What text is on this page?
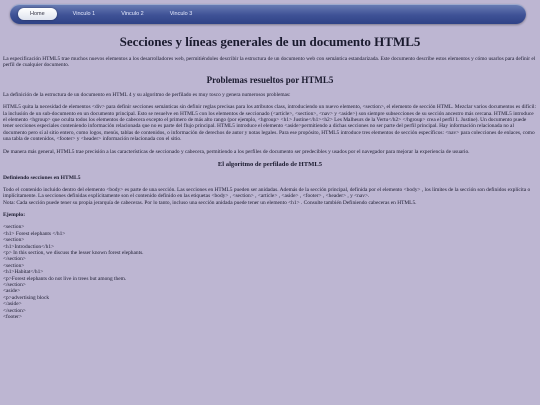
Home	Vinculo 1	Vinculo 2	Vinculo 3
Secciones y líneas generales de un documento HTML5

La especificación HTML5 trae muchos nuevos elementos a los desarrolladores web, permitiéndoles describir la estructura de un documento web con semántica estandarizada. Este documento describe estos elementos y cómo usarlos para definir el perfil de cualquier documento.

Problemas resueltos por HTML5

La definición de la estructura de un documento en HTML 4 y su algoritmo de perfilado es muy tosco y genera numerosos problemas:

HTML5 quita la necesidad de elementos <div> para definir secciones semánticas sin definir reglas precisas para los atributos class, introduciendo un nuevo elemento, <section>, el elemento de sección HTML. Mezclar varios documentos es difícil: la inclusión de un sub-documento en un documento principal. Esto se resuelve en HTML5 con los elementos de seccionado (<article>, <section>, <nav> y <aside>) son siempre subsecciones de su sección ancestro más cercana. HTML5 introduce el elemento <hgroup> que oculta todos los elementos de cabecera excepto el primero de más alto rango (por ejemplo, <hgroup> <h1> Justine</h1><h2> Les Malheurs de la Vertu</h2> </hgroup> crea el perfil 1. Justine). Un documento puede tener secciones especiales conteniendo información relacionada que no es parte del flujo principal. HTML5 introduce el elemento <aside>permitiendo a dichas secciones no ser parte del perfil principal. Hay información relacionada no al documento pero sí al sitio entero, como logos, menús, tablas de contenidos, o información de derechos de autor y notas legales. Para ese propósito, HTML5 introduce tres elementos de sección específicos: <nav> para colecciones de enlaces, como una tabla de contenidos, <footer> y <header> información relacionada con el sitio.

De manera más general, HTML5 trae precisión a las características de seccionado y cabecera, permitiendo a los perfiles de documento ser predecibles y usados por el navegador para mejorar la experiencia de usuario.

El algoritmo de perfilado de HTML5
Definiendo secciones en HTML5

Todo el contenido incluido dentro del elemento <body> es parte de una sección. Las secciones en HTML5 pueden ser anidadas. Además de la sección principal, definida por el elemento <body> , los límites de la sección son definidos explícita o implícitamente. La secciones definidas explícitamente son el contenido definido en las etiquetas <body> , <section> , <article> , <aside> , <footer> , <header> , y <nav>.

Nota: Cada sección puede tener su propia jerarquía de cabeceras. Por lo tanto, incluso una sección anidada puede tener un elemento <h1> . Consulte también Definiendo cabeceras en HTML5.

Ejemplo:
<section>
<h1> Forest elephants </h1>
<section>
<h1>Introduction</h1>
<p> In this section, we discuss the lesser known forest elephants.
</section>
<section>
<h1>Habitat</h1>
<p>Forest elephants do not live in trees but among them.
</section>
<aside>
<p>advertising block
</aside>
</section>
<footer>
